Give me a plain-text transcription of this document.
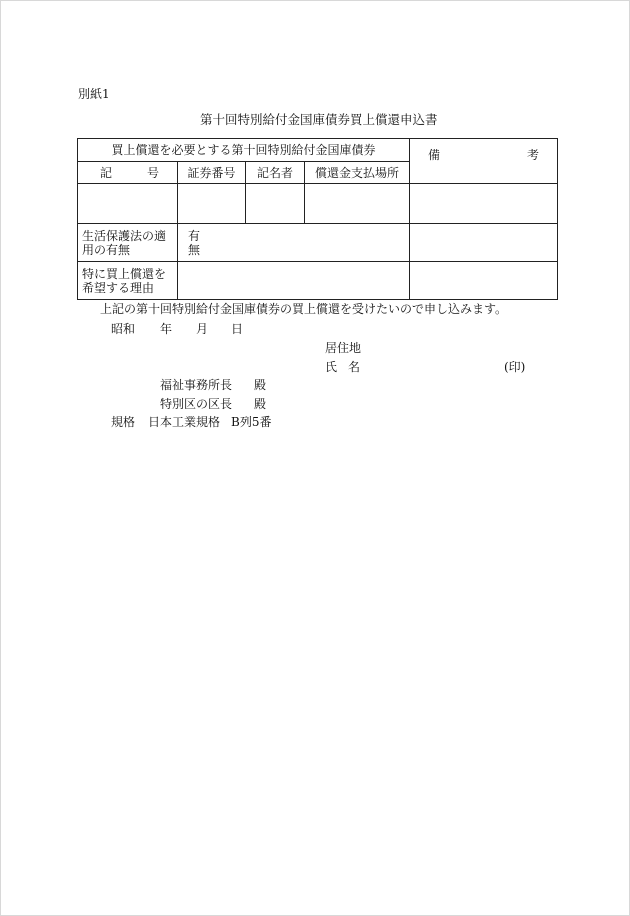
別紙1
第十回特別給付金国庫債券買上償還申込書
買上償還を必要とする第十回特別給付金国庫債券				備 考

記 号	証券番号	記名者	償還金支払場所	

生活保護法の適
用の有無	有
無			

特に買上償還を
希望する理由				

上記の第十回特別給付金国庫債券の買上償還を受けたいので申し込みます。
昭和 年 月 日
居住地
氏 名	(印)
福祉事務所長 殿
特別区の区長 殿
規格 日本工業規格 B列5番
